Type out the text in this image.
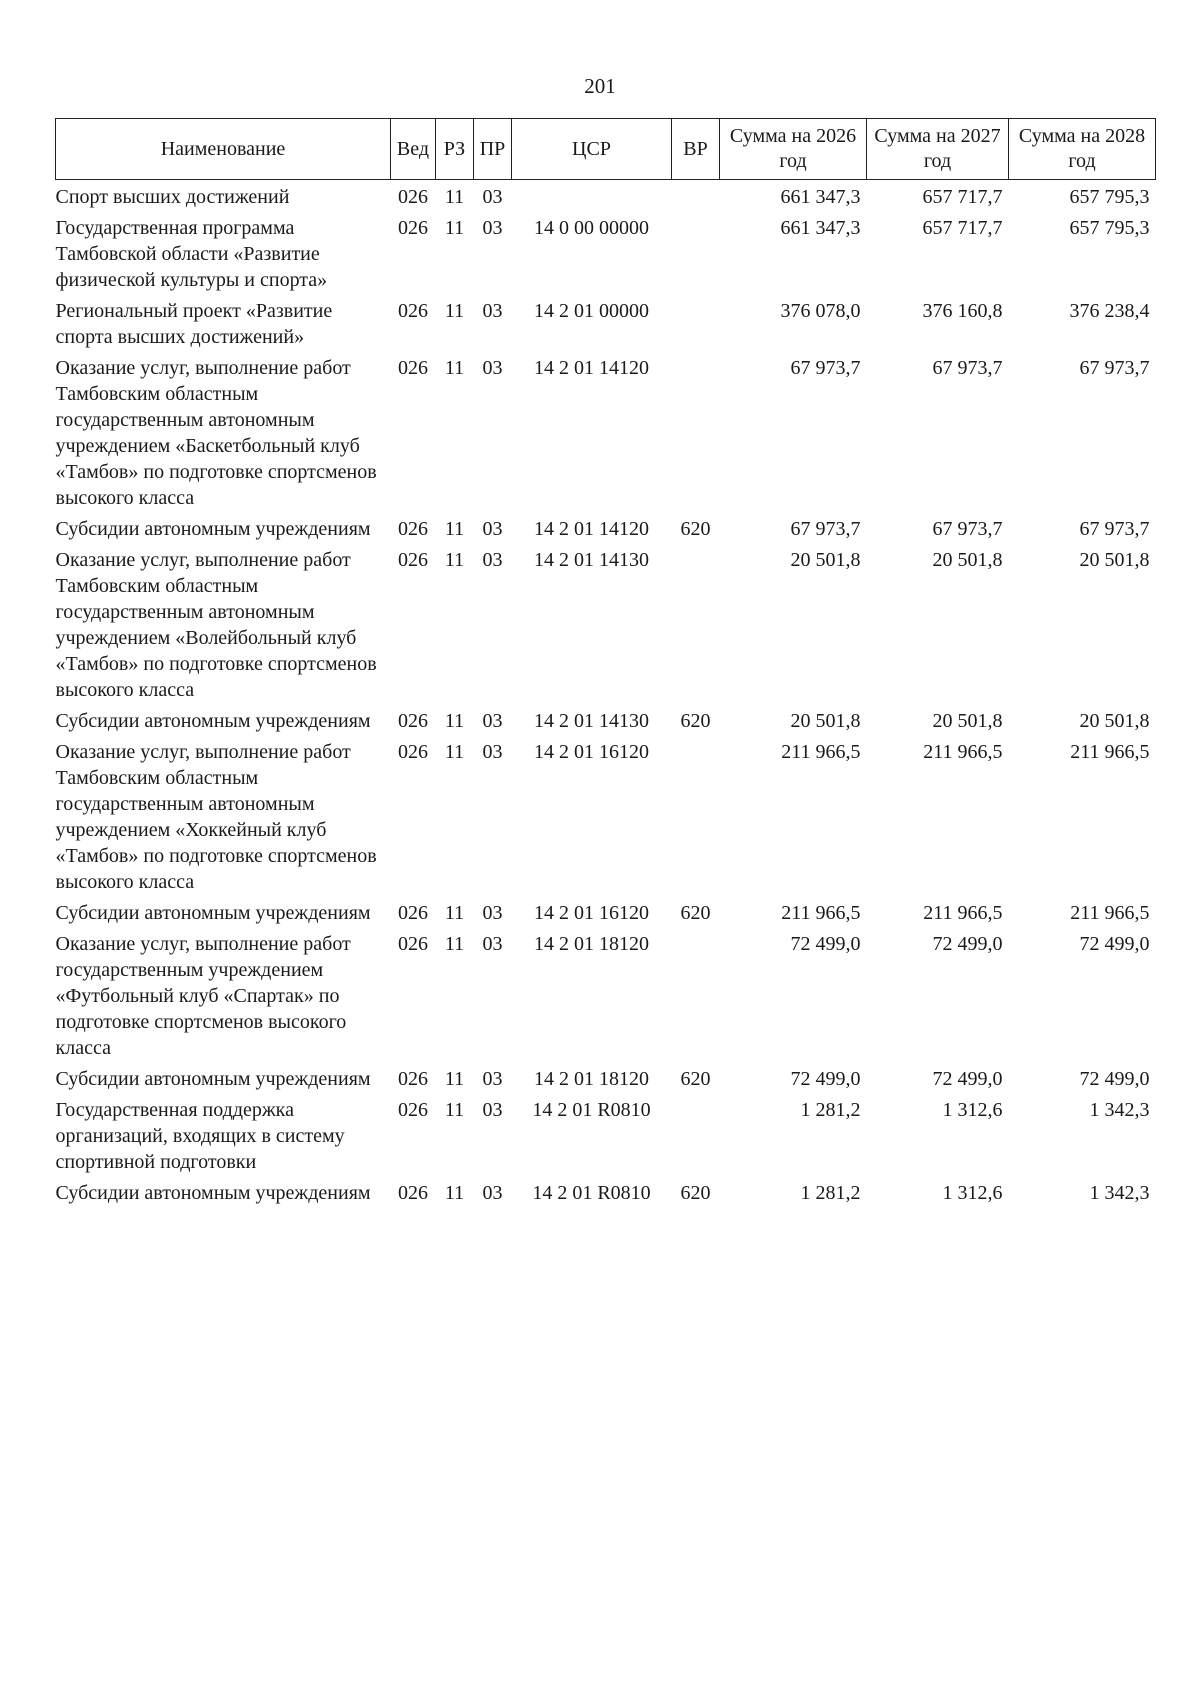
201
Наименование	Вед	РЗ	ПР	ЦСР	ВР	Сумма на 2026 год	Сумма на 2027 год	Сумма на 2028 год
Спорт высших достижений	026	11	03			661 347,3	657 717,7	657 795,3
Государственная программа Тамбовской области «Развитие физической культуры и спорта»	026	11	03	14 0 00 00000		661 347,3	657 717,7	657 795,3
Региональный проект «Развитие спорта высших достижений»	026	11	03	14 2 01 00000		376 078,0	376 160,8	376 238,4
Оказание услуг, выполнение работ Тамбовским областным государственным автономным учреждением «Баскетбольный клуб «Тамбов» по подготовке спортсменов высокого класса	026	11	03	14 2 01 14120		67 973,7	67 973,7	67 973,7
Субсидии автономным учреждениям	026	11	03	14 2 01 14120	620	67 973,7	67 973,7	67 973,7
Оказание услуг, выполнение работ Тамбовским областным государственным автономным учреждением «Волейбольный клуб «Тамбов» по подготовке спортсменов высокого класса	026	11	03	14 2 01 14130		20 501,8	20 501,8	20 501,8
Субсидии автономным учреждениям	026	11	03	14 2 01 14130	620	20 501,8	20 501,8	20 501,8
Оказание услуг, выполнение работ Тамбовским областным государственным автономным учреждением «Хоккейный клуб «Тамбов» по подготовке спортсменов высокого класса	026	11	03	14 2 01 16120		211 966,5	211 966,5	211 966,5
Субсидии автономным учреждениям	026	11	03	14 2 01 16120	620	211 966,5	211 966,5	211 966,5
Оказание услуг, выполнение работ государственным учреждением «Футбольный клуб «Спартак» по подготовке спортсменов высокого класса	026	11	03	14 2 01 18120		72 499,0	72 499,0	72 499,0
Субсидии автономным учреждениям	026	11	03	14 2 01 18120	620	72 499,0	72 499,0	72 499,0
Государственная поддержка организаций, входящих в систему спортивной подготовки	026	11	03	14 2 01 R0810		1 281,2	1 312,6	1 342,3
Субсидии автономным учреждениям	026	11	03	14 2 01 R0810	620	1 281,2	1 312,6	1 342,3
